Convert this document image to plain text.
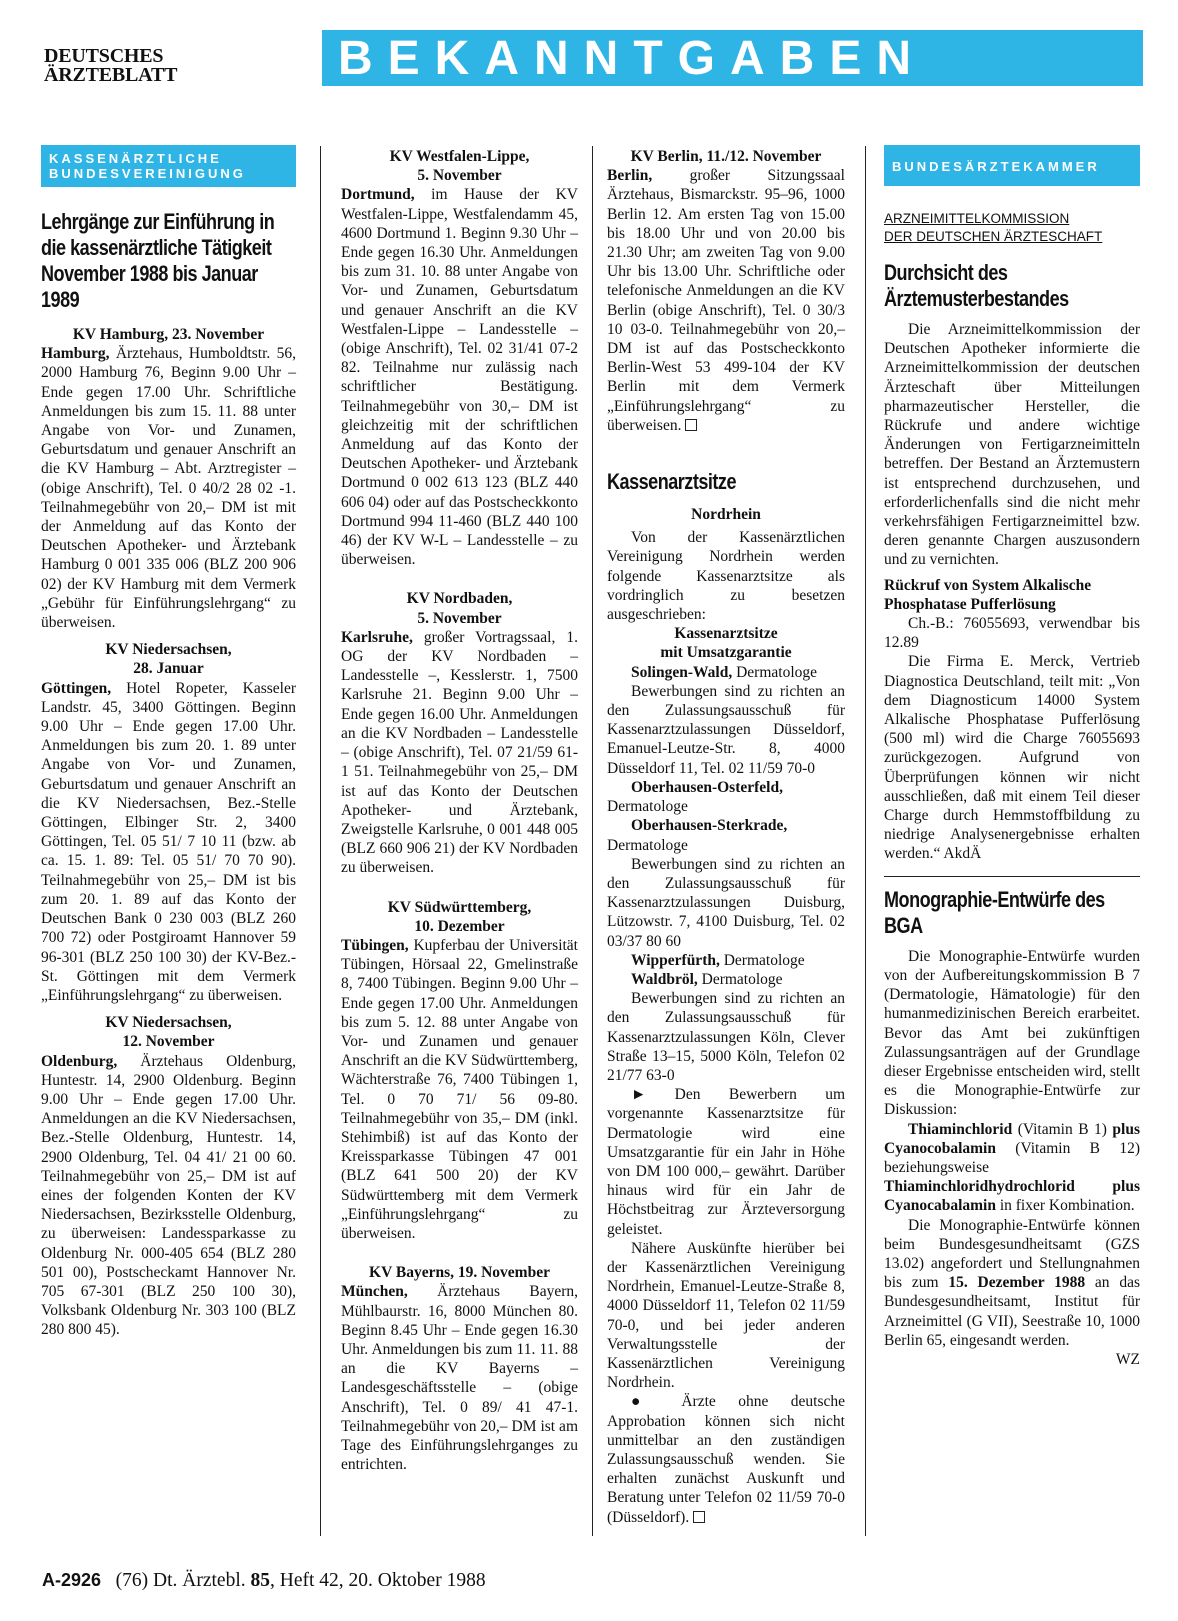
DEUTSCHES
ÄRZTEBLATT	BEKANNTGABEN
KASSENÄRZTLICHE
BUNDESVEREINIGUNG
Lehrgänge zur Einführung in die kassenärztliche Tätigkeit November 1988 bis Januar 1989
KV Hamburg, 23. November

Hamburg, Ärztehaus, Humboldtstr. 56, 2000 Hamburg 76, Beginn 9.00 Uhr – Ende gegen 17.00 Uhr. Schriftliche Anmeldungen bis zum 15. 11. 88 unter Angabe von Vor- und Zunamen, Geburtsdatum und genauer Anschrift an die KV Hamburg – Abt. Arztregister – (obige Anschrift), Tel. 0 40/2 28 02 -1. Teilnahmegebühr von 20,– DM ist mit der Anmeldung auf das Konto der Deutschen Apotheker- und Ärztebank Hamburg 0 001 335 006 (BLZ 200 906 02) der KV Hamburg mit dem Vermerk „Gebühr für Einführungslehrgang“ zu überweisen.

KV Niedersachsen,
28. Januar

Göttingen, Hotel Ropeter, Kasseler Landstr. 45, 3400 Göttingen. Beginn 9.00 Uhr – Ende gegen 17.00 Uhr. Anmeldungen bis zum 20. 1. 89 unter Angabe von Vor- und Zunamen, Geburtsdatum und genauer Anschrift an die KV Niedersachsen, Bez.-Stelle Göttingen, Elbinger Str. 2, 3400 Göttingen, Tel. 05 51/ 7 10 11 (bzw. ab ca. 15. 1. 89: Tel. 05 51/ 70 70 90). Teilnahmegebühr von 25,– DM ist bis zum 20. 1. 89 auf das Konto der Deutschen Bank 0 230 003 (BLZ 260 700 72) oder Postgiroamt Hannover 59 96-301 (BLZ 250 100 30) der KV-Bez.-St. Göttingen mit dem Vermerk „Einführungslehrgang“ zu überweisen.

KV Niedersachsen,
12. November

Oldenburg, Ärztehaus Oldenburg, Huntestr. 14, 2900 Oldenburg. Beginn 9.00 Uhr – Ende gegen 17.00 Uhr. Anmeldungen an die KV Niedersachsen, Bez.-Stelle Oldenburg, Huntestr. 14, 2900 Oldenburg, Tel. 04 41/ 21 00 60. Teilnahmegebühr von 25,– DM ist auf eines der folgenden Konten der KV Niedersachsen, Bezirksstelle Oldenburg, zu überweisen: Landessparkasse zu Oldenburg Nr. 000-405 654 (BLZ 280 501 00), Postscheckamt Hannover Nr. 705 67-301 (BLZ 250 100 30), Volksbank Oldenburg Nr. 303 100 (BLZ 280 800 45).

KV Westfalen-Lippe,
5. November

Dortmund, im Hause der KV Westfalen-Lippe, Westfalendamm 45, 4600 Dortmund 1. Beginn 9.30 Uhr – Ende gegen 16.30 Uhr. Anmeldungen bis zum 31. 10. 88 unter Angabe von Vor- und Zunamen, Geburtsdatum und genauer Anschrift an die KV Westfalen-Lippe – Landesstelle – (obige Anschrift), Tel. 02 31/41 07-2 82. Teilnahme nur zulässig nach schriftlicher Bestätigung. Teilnahmegebühr von 30,– DM ist gleichzeitig mit der schriftlichen Anmeldung auf das Konto der Deutschen Apotheker- und Ärztebank Dortmund 0 002 613 123 (BLZ 440 606 04) oder auf das Postscheckkonto Dortmund 994 11-460 (BLZ 440 100 46) der KV W-L – Landesstelle – zu überweisen.

KV Nordbaden,
5. November

Karlsruhe, großer Vortragssaal, 1. OG der KV Nordbaden – Landesstelle –, Kesslerstr. 1, 7500 Karlsruhe 21. Beginn 9.00 Uhr – Ende gegen 16.00 Uhr. Anmeldungen an die KV Nordbaden – Landesstelle – (obige Anschrift), Tel. 07 21/59 61- 1 51. Teilnahmegebühr von 25,– DM ist auf das Konto der Deutschen Apotheker- und Ärztebank, Zweigstelle Karlsruhe, 0 001 448 005 (BLZ 660 906 21) der KV Nordbaden zu überweisen.

KV Südwürttemberg,
10. Dezember

Tübingen, Kupferbau der Universität Tübingen, Hörsaal 22, Gmelinstraße 8, 7400 Tübingen. Beginn 9.00 Uhr – Ende gegen 17.00 Uhr. Anmeldungen bis zum 5. 12. 88 unter Angabe von Vor- und Zunamen und genauer Anschrift an die KV Südwürttemberg, Wächterstraße 76, 7400 Tübingen 1, Tel. 0 70 71/ 56 09-80. Teilnahmegebühr von 35,– DM (inkl. Stehimbiß) ist auf das Konto der Kreissparkasse Tübingen 47 001 (BLZ 641 500 20) der KV Südwürttemberg mit dem Vermerk „Einführungslehrgang“ zu überweisen.

KV Bayerns, 19. November

München, Ärztehaus Bayern, Mühlbaurstr. 16, 8000 München 80. Beginn 8.45 Uhr – Ende gegen 16.30 Uhr. Anmeldungen bis zum 11. 11. 88 an die KV Bayerns – Landesgeschäftsstelle – (obige Anschrift), Tel. 0 89/ 41 47-1. Teilnahmegebühr von 20,– DM ist am Tage des Einführungslehrganges zu entrichten.

KV Berlin, 11./12. November

Berlin, großer Sitzungssaal Ärztehaus, Bismarckstr. 95–96, 1000 Berlin 12. Am ersten Tag von 15.00 bis 18.00 Uhr und von 20.00 bis 21.30 Uhr; am zweiten Tag von 9.00 Uhr bis 13.00 Uhr. Schriftliche oder telefonische Anmeldungen an die KV Berlin (obige Anschrift), Tel. 0 30/3 10 03-0. Teilnahmegebühr von 20,– DM ist auf das Postscheckkonto Berlin-West 53 499-104 der KV Berlin mit dem Vermerk „Einführungslehrgang“ zu überweisen.

Kassenarztsitze
Nordrhein

Von der Kassenärztlichen Vereinigung Nordrhein werden folgende Kassenarztsitze als vordringlich zu besetzen ausgeschrieben:

Kassenarztsitze
mit Umsatzgarantie

Solingen-Wald, Dermatologe

Bewerbungen sind zu richten an den Zulassungsausschuß für Kassenarztzulassungen Düsseldorf, Emanuel-Leutze-Str. 8, 4000 Düsseldorf 11, Tel. 02 11/59 70-0

Oberhausen-Osterfeld, Dermatologe

Oberhausen-Sterkrade, Dermatologe

Bewerbungen sind zu richten an den Zulassungsausschuß für Kassenarztzulassungen Duisburg, Lützowstr. 7, 4100 Duisburg, Tel. 02 03/37 80 60

Wipperfürth, Dermatologe

Waldbröl, Dermatologe

Bewerbungen sind zu richten an den Zulassungsausschuß für Kassenarztzulassungen Köln, Clever Straße 13–15, 5000 Köln, Telefon 02 21/77 63-0

► Den Bewerbern um vorgenannte Kassenarztsitze für Dermatologie wird eine Umsatzgarantie für ein Jahr in Höhe von DM 100 000,– gewährt. Darüber hinaus wird für ein Jahr de Höchstbeitrag zur Ärzteversorgung geleistet.

Nähere Auskünfte hierüber bei der Kassenärztlichen Vereinigung Nordrhein, Emanuel-Leutze-Straße 8, 4000 Düsseldorf 11, Telefon 02 11/59 70-0, und bei jeder anderen Verwaltungsstelle der Kassenärztlichen Vereinigung Nordrhein.

● Ärzte ohne deutsche Approbation können sich nicht unmittelbar an den zuständigen Zulassungsausschuß wenden. Sie erhalten zunächst Auskunft und Beratung unter Telefon 02 11/59 70-0 (Düsseldorf).

BUNDESÄRZTEKAMMER
ARZNEIMITTELKOMMISSION
DER DEUTSCHEN ÄRZTESCHAFT
Durchsicht des Ärztemusterbestandes

Die Arzneimittelkommission der Deutschen Apotheker informierte die Arzneimittelkommission der deutschen Ärzteschaft über Mitteilungen pharmazeutischer Hersteller, die Rückrufe und andere wichtige Änderungen von Fertigarzneimitteln betreffen. Der Bestand an Ärztemustern ist entsprechend durchzusehen, und erforderlichenfalls sind die nicht mehr verkehrsfähigen Fertigarzneimittel bzw. deren genannte Chargen auszusondern und zu vernichten.

Rückruf von System Alkalische Phosphatase Pufferlösung

Ch.-B.: 76055693, verwendbar bis 12.89

Die Firma E. Merck, Vertrieb Diagnostica Deutschland, teilt mit: „Von dem Diagnosticum 14000 System Alkalische Phosphatase Pufferlösung (500 ml) wird die Charge 76055693 zurückgezogen. Aufgrund von Überprüfungen können wir nicht ausschließen, daß mit einem Teil dieser Charge durch Hemmstoffbildung zu niedrige Analysenergebnisse erhalten werden.“ AkdÄ

Monographie-Entwürfe des BGA

Die Monographie-Entwürfe wurden von der Aufbereitungskommission B 7 (Dermatologie, Hämatologie) für den humanmedizinischen Bereich erarbeitet. Bevor das Amt bei zukünftigen Zulassungsanträgen auf der Grundlage dieser Ergebnisse entscheiden wird, stellt es die Monographie-Entwürfe zur Diskussion:

Thiaminchlorid (Vitamin B 1) plus Cyanocobalamin (Vitamin B 12) beziehungsweise Thiaminchloridhydrochlorid plus Cyanocabalamin in fixer Kombination.

Die Monographie-Entwürfe können beim Bundesgesundheitsamt (GZS 13.02) angefordert und Stellungnahmen bis zum 15. Dezember 1988 an das Bundesgesundheitsamt, Institut für Arzneimittel (G VII), Seestraße 10, 1000 Berlin 65, eingesandt werden.

WZ
A-2926 (76) Dt. Ärztebl. 85, Heft 42, 20. Oktober 1988
